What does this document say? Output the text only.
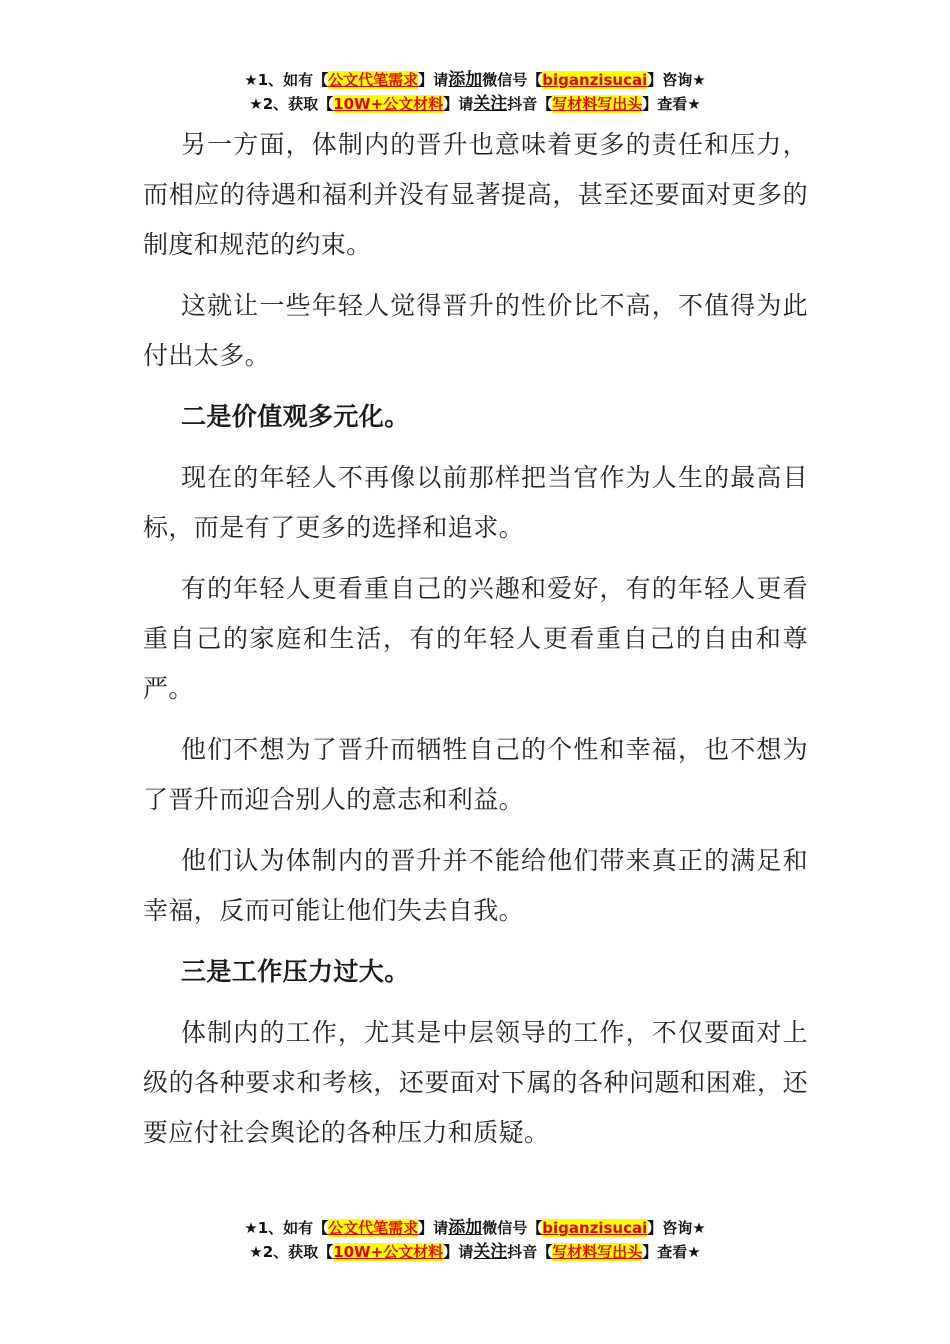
★1、如有【公文代笔需求】请添加微信号【biganzisucai】咨询★
★2、获取【10W+公文材料】请关注抖音【写材料写出头】查看★

另一方面，体制内的晋升也意味着更多的责任和压力，而相应的待遇和福利并没有显著提高，甚至还要面对更多的制度和规范的约束。

这就让一些年轻人觉得晋升的性价比不高，不值得为此付出太多。

二是价值观多元化。

现在的年轻人不再像以前那样把当官作为人生的最高目标，而是有了更多的选择和追求。

有的年轻人更看重自己的兴趣和爱好，有的年轻人更看重自己的家庭和生活，有的年轻人更看重自己的自由和尊严。

他们不想为了晋升而牺牲自己的个性和幸福，也不想为了晋升而迎合别人的意志和利益。

他们认为体制内的晋升并不能给他们带来真正的满足和幸福，反而可能让他们失去自我。

三是工作压力过大。

体制内的工作，尤其是中层领导的工作，不仅要面对上级的各种要求和考核，还要面对下属的各种问题和困难，还要应付社会舆论的各种压力和质疑。

★1、如有【公文代笔需求】请添加微信号【biganzisucai】咨询★
★2、获取【10W+公文材料】请关注抖音【写材料写出头】查看★
